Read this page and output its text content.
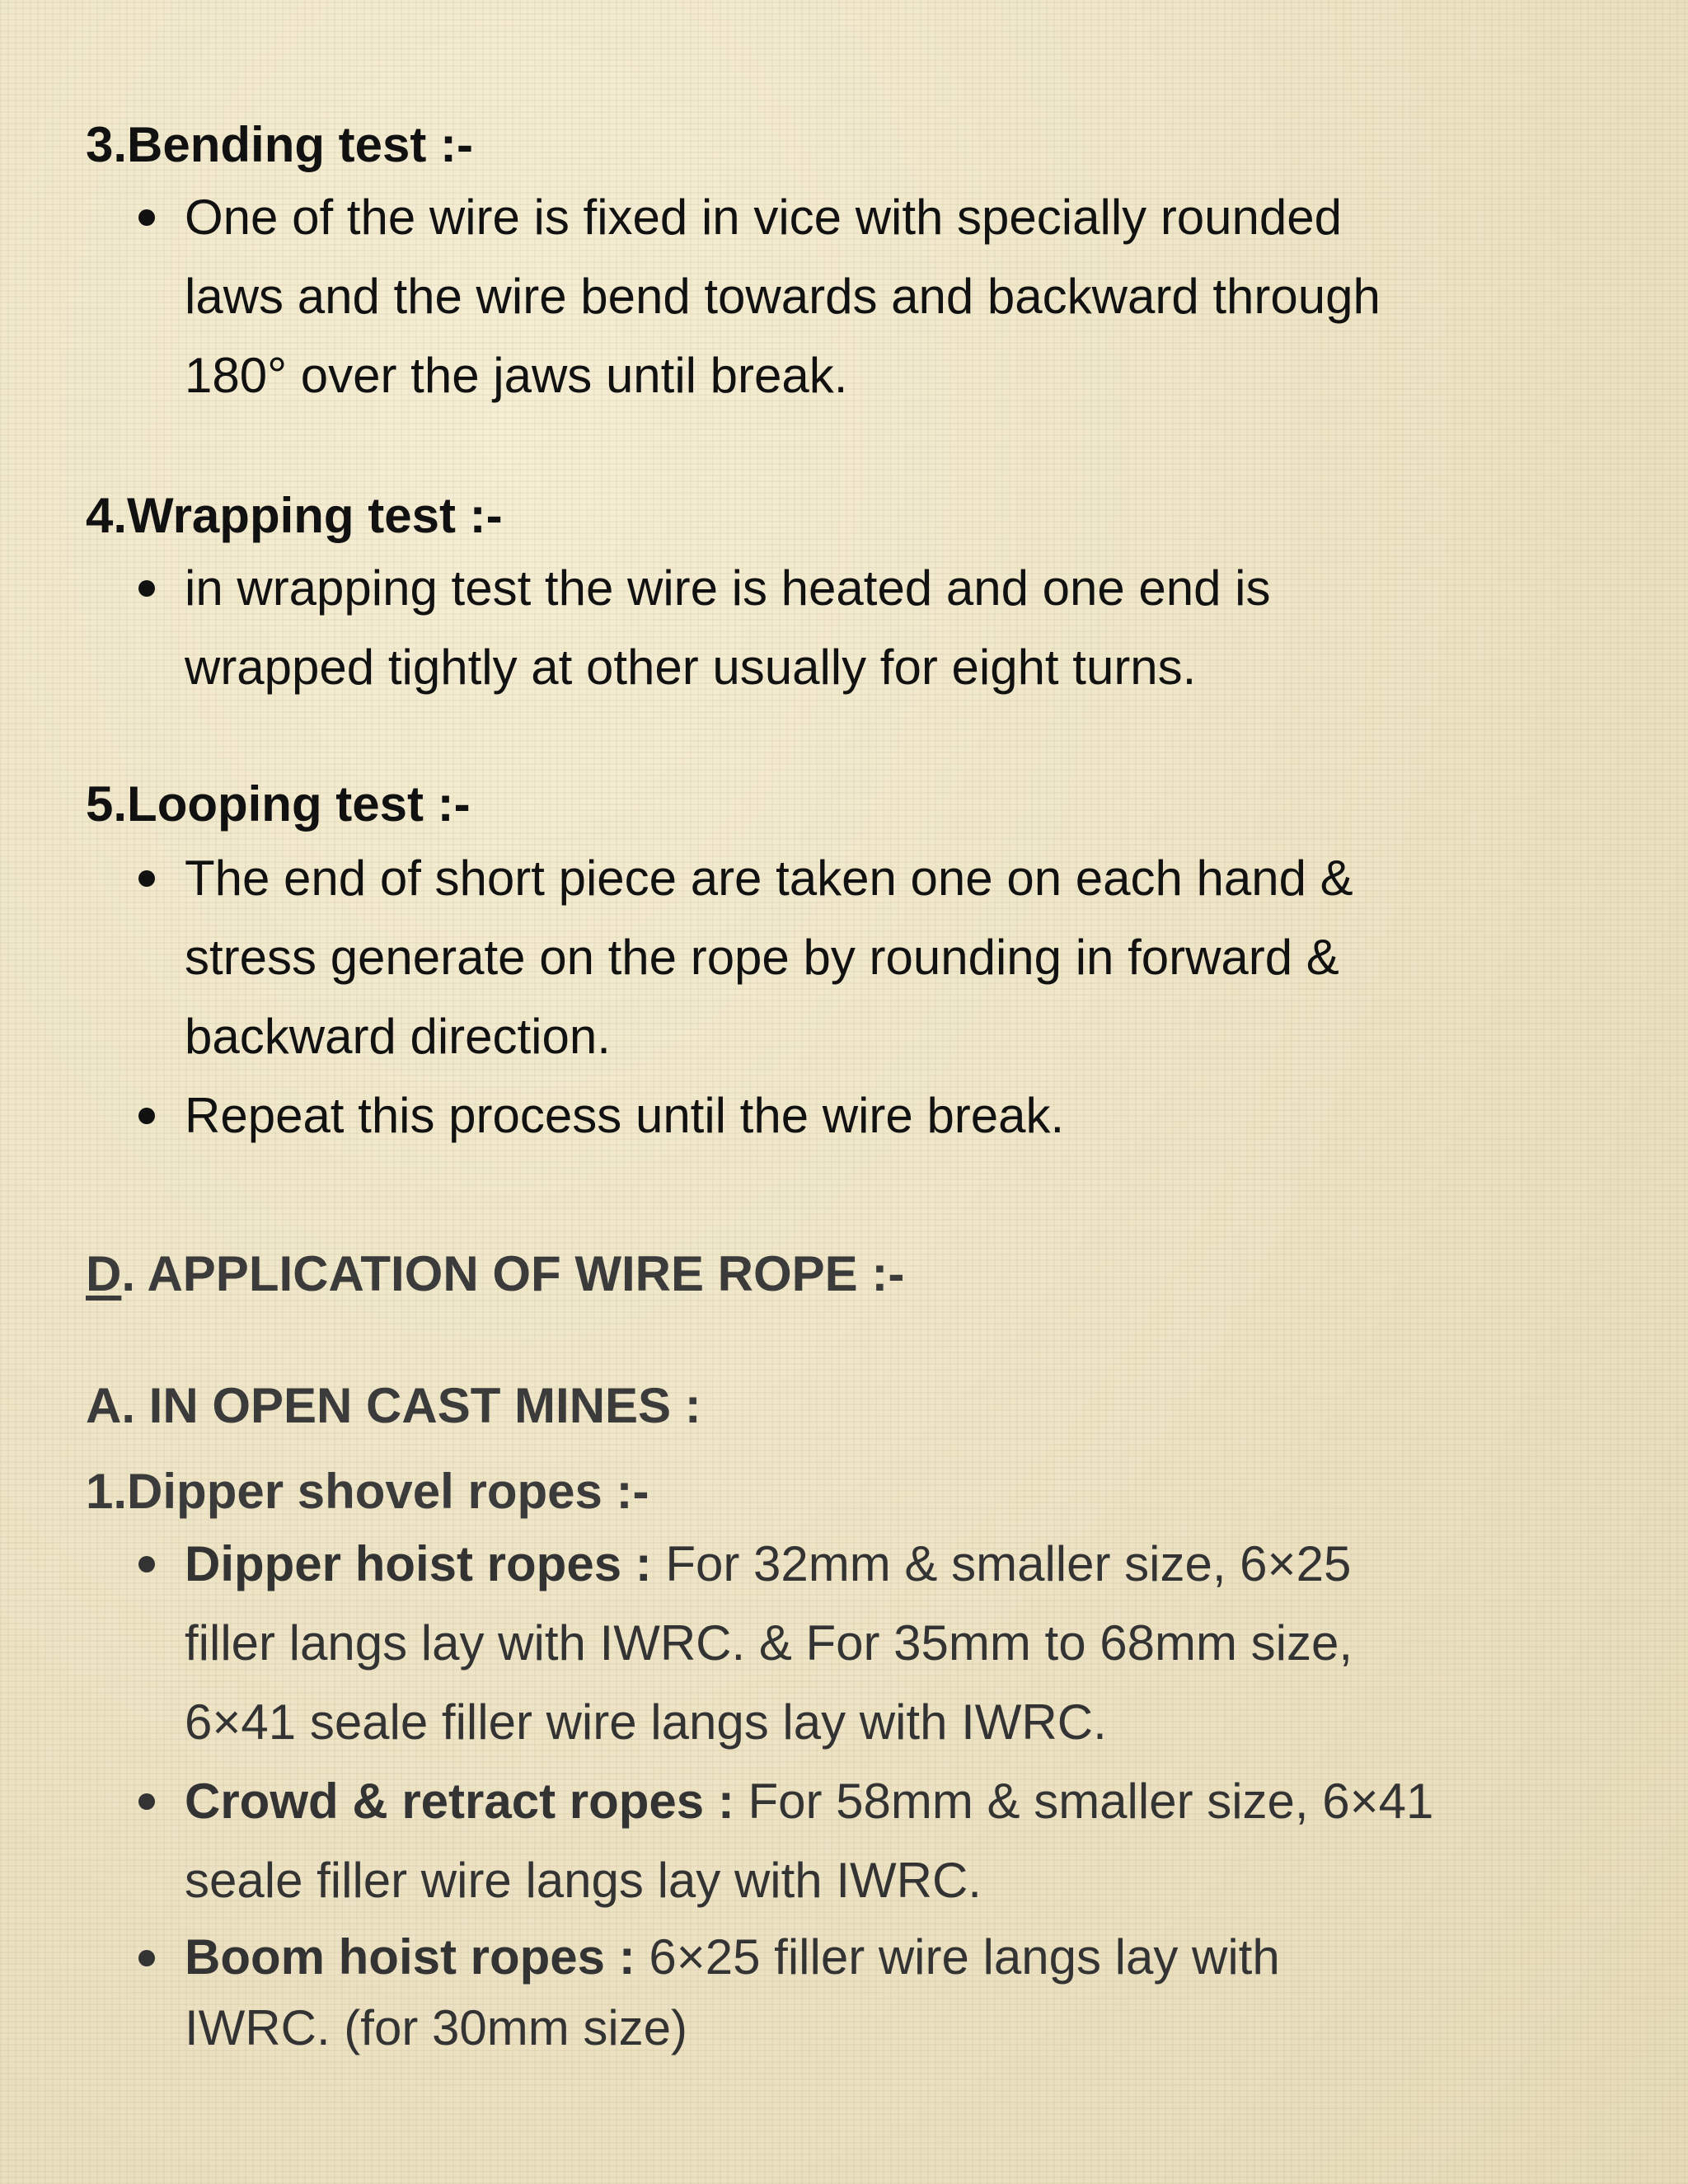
3.Bending test :-
One of the wire is fixed in vice with specially rounded
laws and the wire bend towards and backward through
180° over the jaws until break.
4.Wrapping test :-
in wrapping test the wire is heated and one end is
wrapped tightly at other usually for eight turns.
5.Looping test :-
The end of short piece are taken one on each hand &
stress generate on the rope by rounding in forward &
backward direction.
Repeat this process until the wire break.
D. APPLICATION OF WIRE ROPE :-
A. IN OPEN CAST MINES :
1.Dipper shovel ropes :-
Dipper hoist ropes : For 32mm & smaller size, 6×25
filler langs lay with IWRC. & For 35mm to 68mm size,
6×41 seale filler wire langs lay with IWRC.
Crowd & retract ropes : For 58mm & smaller size, 6×41
seale filler wire langs lay with IWRC.
Boom hoist ropes : 6×25 filler wire langs lay with
IWRC. (for 30mm size)
